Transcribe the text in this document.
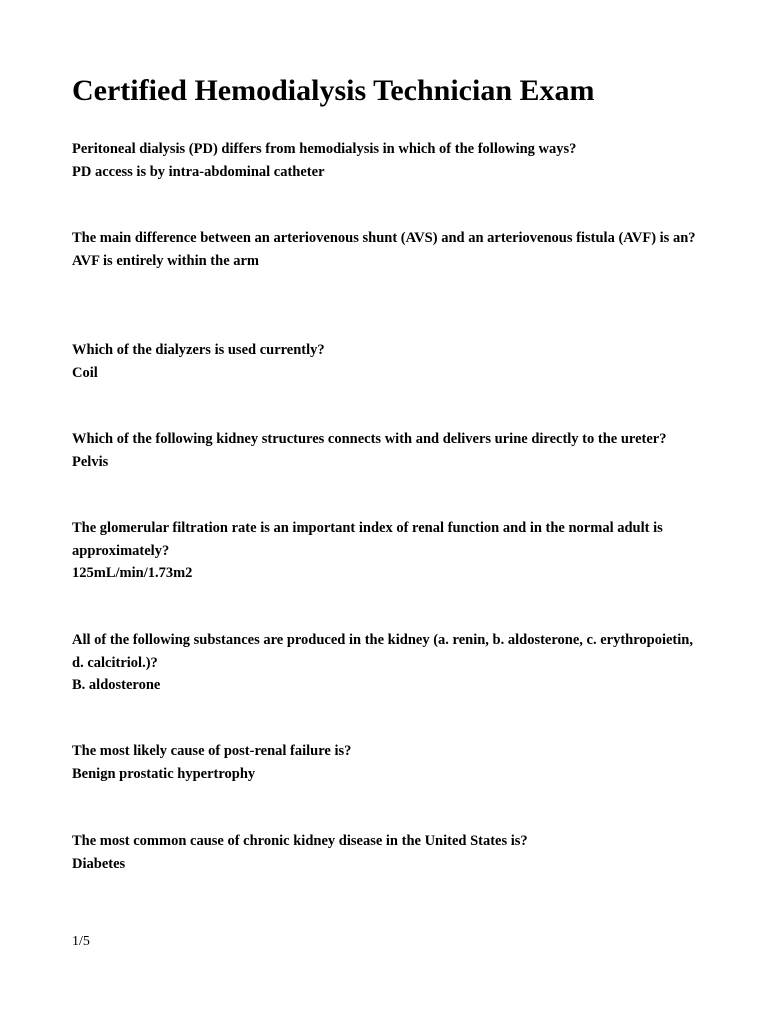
Certified Hemodialysis Technician Exam
Peritoneal dialysis (PD) differs from hemodialysis in which of the following ways?
PD access is by intra-abdominal catheter
The main difference between an arteriovenous shunt (AVS) and an arteriovenous fistula (AVF) is an?
AVF is entirely within the arm
Which of the dialyzers is used currently?
Coil
Which of the following kidney structures connects with and delivers urine directly to the ureter?
Pelvis
The glomerular filtration rate is an important index of renal function and in the normal adult is approximately?
125mL/min/1.73m2
All of the following substances are produced in the kidney (a. renin, b. aldosterone, c. erythropoietin, d. calcitriol.)?
B. aldosterone
The most likely cause of post-renal failure is?
Benign prostatic hypertrophy
The most common cause of chronic kidney disease in the United States is?
Diabetes
1/5
